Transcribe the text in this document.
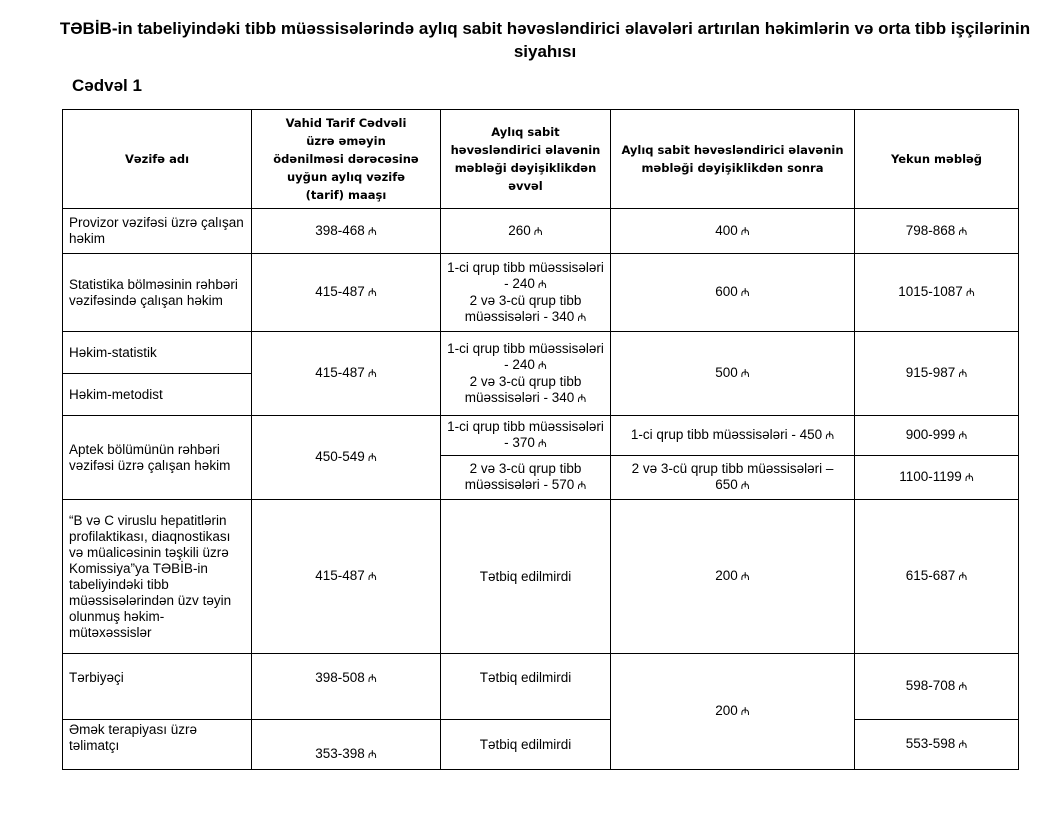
TƏBİB-in tabeliyindəki tibb müəssisələrində aylıq sabit həvəsləndirici əlavələri artırılan həkimlərin və orta tibb işçilərinin siyahısı
Cədvəl 1
Vəzifə adı	Vahid Tarif Cədvəli üzrə əməyin ödənilməsi dərəcəsinə uyğun aylıq vəzifə (tarif) maaşı	Aylıq sabit həvəsləndirici əlavənin məbləği dəyişiklikdən əvvəl	Aylıq sabit həvəsləndirici əlavənin məbləği dəyişiklikdən sonra	Yekun məbləğ
Provizor vəzifəsi üzrə çalışan həkim	398-468 ₼	260 ₼	400 ₼	798-868 ₼
Statistika bölməsinin rəhbəri vəzifəsində çalışan həkim	415-487 ₼	1-ci qrup tibb müəssisələri - 240 ₼
2 və 3-cü qrup tibb müəssisələri - 340 ₼	600 ₼	1015-1087 ₼
Həkim-statistik	415-487 ₼	1-ci qrup tibb müəssisələri - 240 ₼
2 və 3-cü qrup tibb müəssisələri - 340 ₼	500 ₼	915-987 ₼
Həkim-metodist				
Aptek bölümünün rəhbəri vəzifəsi üzrə çalışan həkim	450-549 ₼	1-ci qrup tibb müəssisələri - 370 ₼	1-ci qrup tibb müəssisələri - 450 ₼	900-999 ₼
		2 və 3-cü qrup tibb müəssisələri - 570 ₼	2 və 3-cü qrup tibb müəssisələri – 650 ₼	1100-1199 ₼
“B və C viruslu hepatitlərin profilaktikası, diaqnostikası və müalicəsinin təşkili üzrə Komissiya”ya TƏBİB-in tabeliyindəki tibb müəssisələrindən üzv təyin olunmuş həkim-mütəxəssislər	415-487 ₼	Tətbiq edilmirdi	200 ₼	615-687 ₼
Tərbiyəçi	398-508 ₼	Tətbiq edilmirdi	200 ₼	598-708 ₼
Əmək terapiyası üzrə təlimatçı	353-398 ₼	Tətbiq edilmirdi		553-598 ₼
